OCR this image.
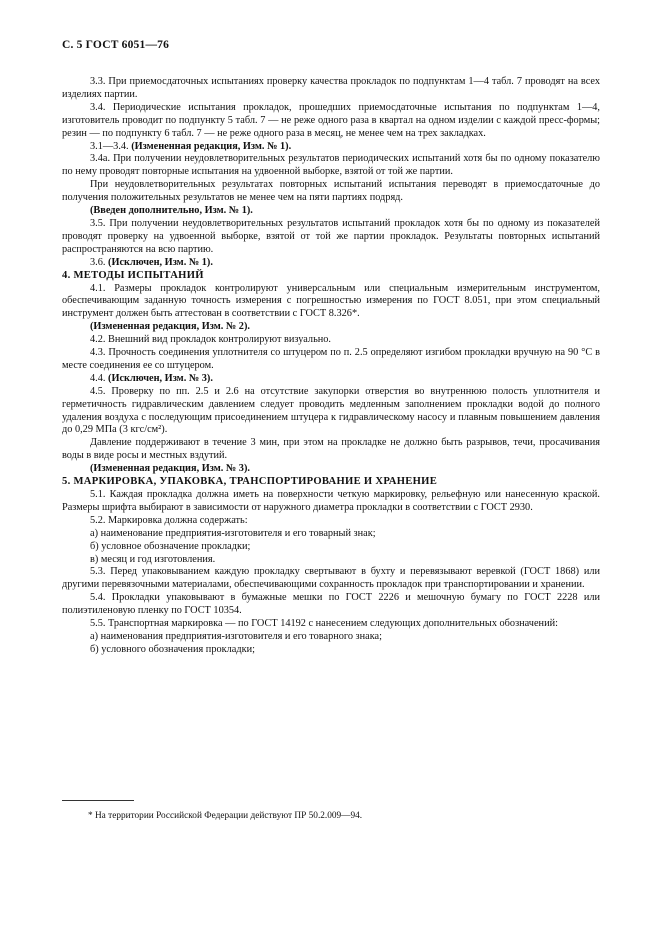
С. 5 ГОСТ 6051—76

3.3. При приемосдаточных испытаниях проверку качества прокладок по подпунктам 1—4 табл. 7 проводят на всех изделиях партии.

3.4. Периодические испытания прокладок, прошедших приемосдаточные испытания по подпунктам 1—4, изготовитель проводит по подпункту 5 табл. 7 — не реже одного раза в квартал на одном изделии с каждой пресс-формы; резин — по подпункту 6 табл. 7 — не реже одного раза в месяц, не менее чем на трех закладках.

3.1—3.4. (Измененная редакция, Изм. № 1).

3.4а. При получении неудовлетворительных результатов периодических испытаний хотя бы по одному показателю по нему проводят повторные испытания на удвоенной выборке, взятой от той же партии.

При неудовлетворительных результатах повторных испытаний испытания переводят в приемосдаточные до получения положительных результатов не менее чем на пяти партиях подряд.

(Введен дополнительно, Изм. № 1).

3.5. При получении неудовлетворительных результатов испытаний прокладок хотя бы по одному из показателей проводят проверку на удвоенной выборке, взятой от той же партии прокладок. Результаты повторных испытаний распространяются на всю партию.

3.6. (Исключен, Изм. № 1).

4. МЕТОДЫ ИСПЫТАНИЙ

4.1. Размеры прокладок контролируют универсальным или специальным измерительным инструментом, обеспечивающим заданную точность измерения с погрешностью измерения по ГОСТ 8.051, при этом специальный инструмент должен быть аттестован в соответствии с ГОСТ 8.326*.

(Измененная редакция, Изм. № 2).

4.2. Внешний вид прокладок контролируют визуально.

4.3. Прочность соединения уплотнителя со штуцером по п. 2.5 определяют изгибом прокладки вручную на 90 °С в месте соединения ее со штуцером.

4.4. (Исключен, Изм. № 3).

4.5. Проверку по пп. 2.5 и 2.6 на отсутствие закупорки отверстия во внутреннюю полость уплотнителя и герметичность гидравлическим давлением следует проводить медленным заполнением прокладки водой до полного удаления воздуха с последующим присоединением штуцера к гидравлическому насосу и плавным повышением давления до 0,29 МПа (3 кгс/см²).

Давление поддерживают в течение 3 мин, при этом на прокладке не должно быть разрывов, течи, просачивания воды в виде росы и местных вздутий.

(Измененная редакция, Изм. № 3).

5. МАРКИРОВКА, УПАКОВКА, ТРАНСПОРТИРОВАНИЕ И ХРАНЕНИЕ

5.1. Каждая прокладка должна иметь на поверхности четкую маркировку, рельефную или нанесенную краской. Размеры шрифта выбирают в зависимости от наружного диаметра прокладки в соответствии с ГОСТ 2930.

5.2. Маркировка должна содержать:

а) наименование предприятия-изготовителя и его товарный знак;

б) условное обозначение прокладки;

в) месяц и год изготовления.

5.3. Перед упаковыванием каждую прокладку свертывают в бухту и перевязывают веревкой (ГОСТ 1868) или другими перевязочными материалами, обеспечивающими сохранность прокладок при транспортировании и хранении.

5.4. Прокладки упаковывают в бумажные мешки по ГОСТ 2226 и мешочную бумагу по ГОСТ 2228 или полиэтиленовую пленку по ГОСТ 10354.

5.5. Транспортная маркировка — по ГОСТ 14192 с нанесением следующих дополнительных обозначений:

а) наименования предприятия-изготовителя и его товарного знака;

б) условного обозначения прокладки;

* На территории Российской Федерации действуют ПР 50.2.009—94.
